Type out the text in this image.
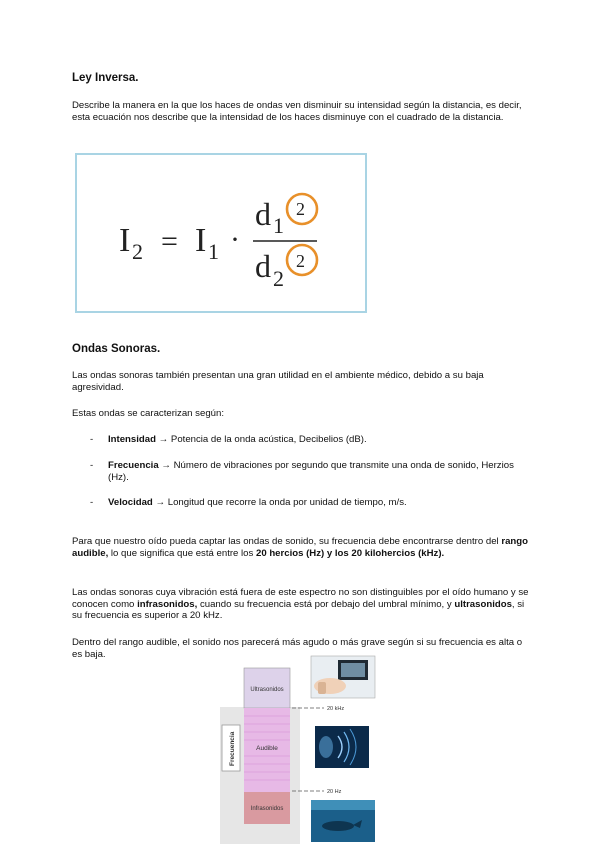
Ley Inversa.
Describe la manera en la que los haces de ondas ven disminuir su intensidad según la distancia, es decir, esta ecuación nos describe que la intensidad de los haces disminuye con el cuadrado de la distancia.
I 2 = I 1 ·
d 1
2
d 2
2
Ondas Sonoras.
Las ondas sonoras también presentan una gran utilidad en el ambiente médico, debido a su baja agresividad.
Estas ondas se caracterizan según:
- Intensidad → Potencia de la onda acústica, Decibelios (dB).
- Frecuencia → Número de vibraciones por segundo que transmite una onda de sonido, Herzios (Hz).
- Velocidad → Longitud que recorre la onda por unidad de tiempo, m/s.
Para que nuestro oído pueda captar las ondas de sonido, su frecuencia debe encontrarse dentro del rango audible, lo que significa que está entre los 20 hercios (Hz) y los 20 kilohercios (kHz).
Las ondas sonoras cuya vibración está fuera de este espectro no son distinguibles por el oído humano y se conocen como infrasonidos, cuando su frecuencia está por debajo del umbral mínimo, y ultrasonidos, si su frecuencia es superior a 20 kHz.
Dentro del rango audible, el sonido nos parecerá más agudo o más grave según si su frecuencia es alta o es baja.
Frecuencia
Ultrasonidos
Audible
Infrasonidos
20 kHz
20 Hz
